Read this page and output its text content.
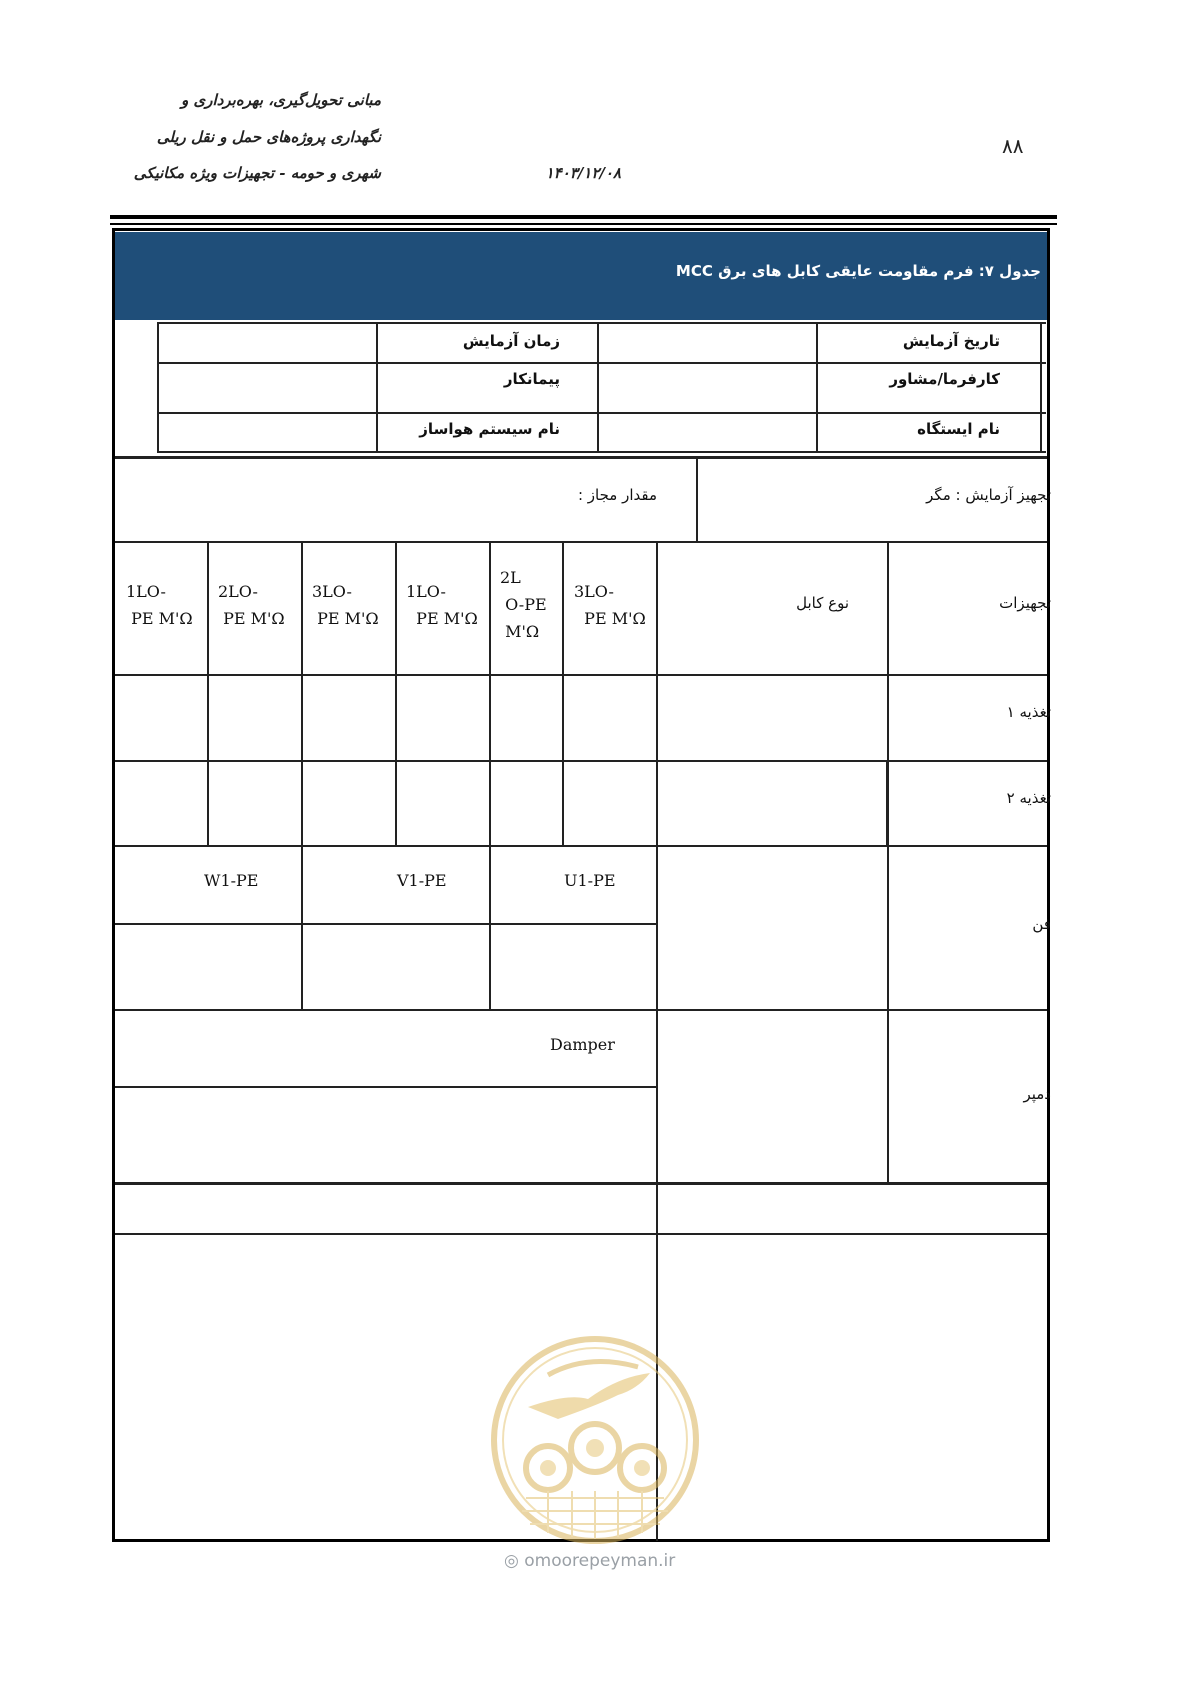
مبانی تحویل‌گیری، بهره‌برداری و
نگهداری پروژه‌های حمل و نقل ریلی
شهری و حومه - تجهیزات ویژه مکانیکی	۱۴۰۳/۱۲/۰۸
۸۸
جدول ۷: فرم مقاومت عایقی کابل های برق MCC
تاریخ آزمایش
زمان آزمایش
کارفرما/مشاور
پیمانکار
نام ایستگاه
نام سیستم هواساز
تجهیز آزمایش : مگر
مقدار مجاز :
تجهیزات
نوع کابل
3LO-
PE M'Ω
2L
O-PE
M'Ω
1LO-
PE M'Ω
3LO-
PE M'Ω
2LO-
PE M'Ω
1LO-
PE M'Ω
تغذیه ۱
تغذیه ۲
فن
دمپر
U1-PE
V1-PE
W1-PE
Damper
◎ omoorepeyman.ir
